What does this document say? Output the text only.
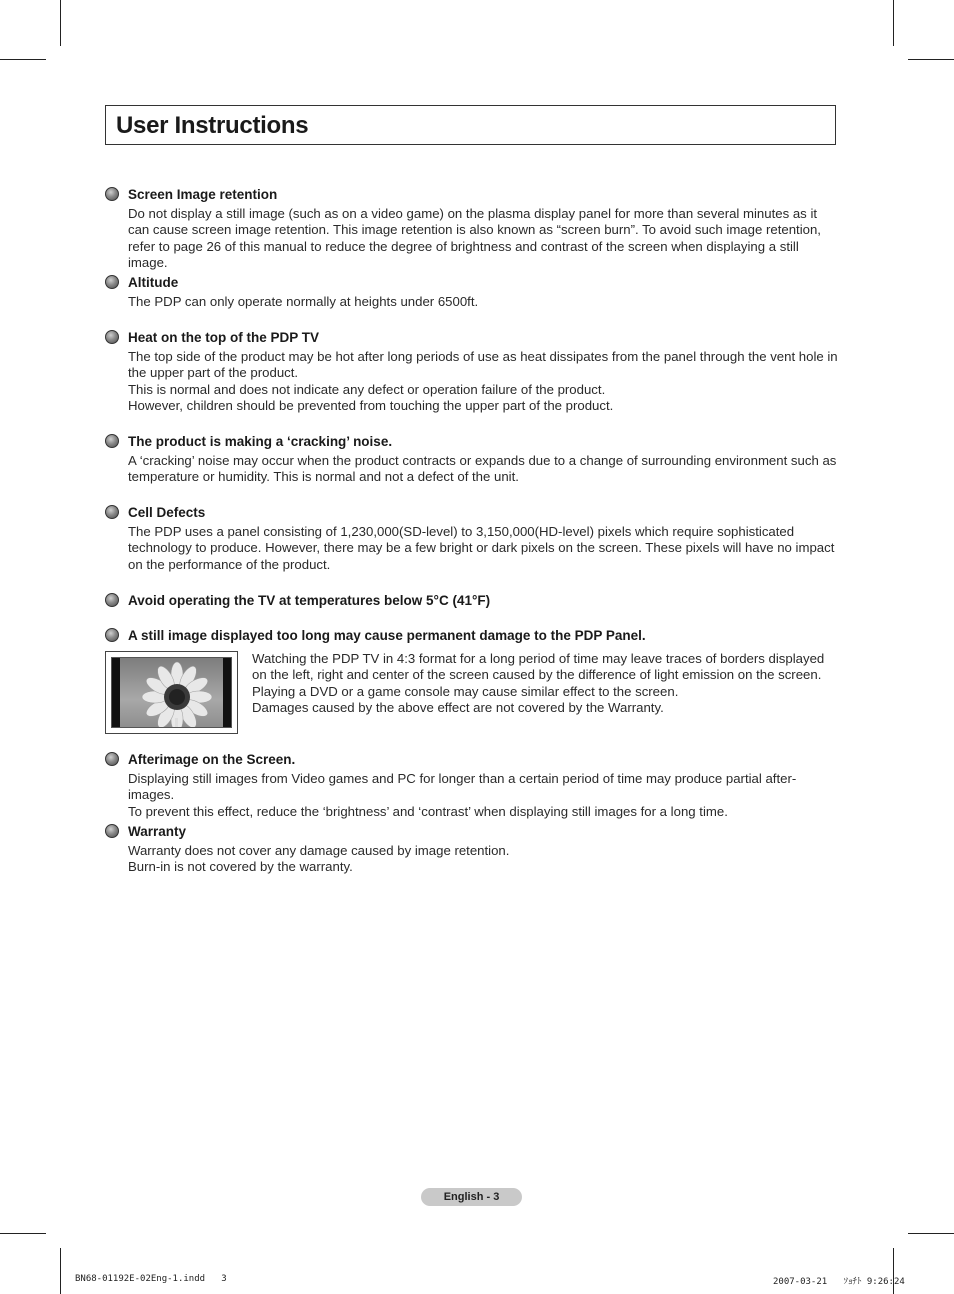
User Instructions
Screen Image retention

Do not display a still image (such as on a video game) on the plasma display panel for more than several minutes as it can cause screen image retention. This image retention is also known as “screen burn”. To avoid such image retention, refer to page 26 of this manual to reduce the degree of brightness and contrast of the screen when displaying a still image.

Altitude

The PDP can only operate normally at heights under 6500ft.

Heat on the top of the PDP TV

The top side of the product may be hot after long periods of use as heat dissipates from the panel through the vent hole in the upper part of the product.

This is normal and does not indicate any defect or operation failure of the product.

However, children should be prevented from touching the upper part of the product.

The product is making a ‘cracking’ noise.

A ‘cracking’ noise may occur when the product contracts or expands due to a change of surrounding environment such as temperature or humidity. This is normal and not a defect of the unit.

Cell Defects

The PDP uses a panel consisting of 1,230,000(SD-level) to 3,150,000(HD-level) pixels which require sophisticated technology to produce. However, there may be a few bright or dark pixels on the screen. These pixels will have no impact on the performance of the product.

Avoid operating the TV at temperatures below 5°C (41°F)
A still image displayed too long may cause permanent damage to the PDP Panel.

Watching the PDP TV in 4:3 format for a long period of time may leave traces of borders displayed on the left, right and center of the screen caused by the difference of light emission on the screen.

Playing a DVD or a game console may cause similar effect to the screen.

Damages caused by the above effect are not covered by the Warranty.

Afterimage on the Screen.

Displaying still images from Video games and PC for longer than a certain period of time may produce partial after-images.

To prevent this effect, reduce the ‘brightness’ and ‘contrast’ when displaying still images for a long time.

Warranty

Warranty does not cover any damage caused by image retention.

Burn-in is not covered by the warranty.

English - 3
BN68-01192E-02Eng-1.indd   3	2007-03-21   ｿｮﾁﾄ 9:26:24
